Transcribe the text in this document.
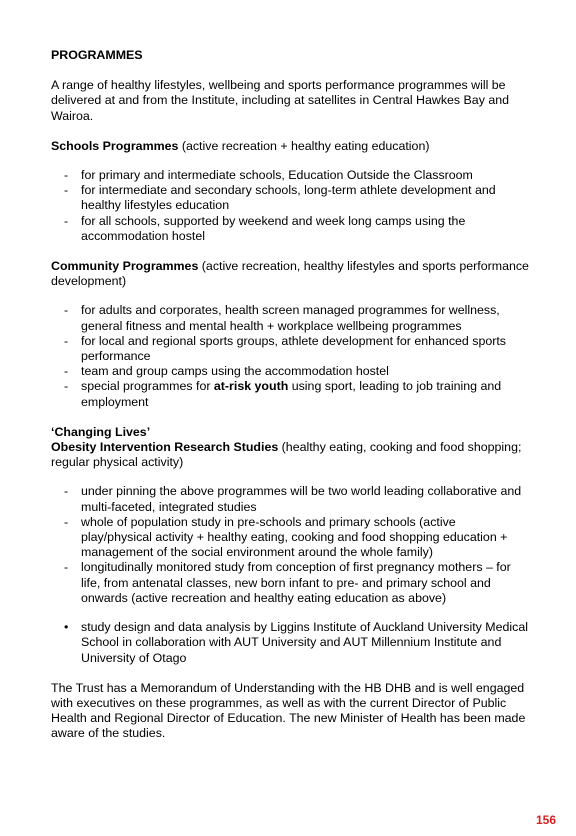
PROGRAMMES

A range of healthy lifestyles, wellbeing and sports performance programmes will be delivered at and from the Institute, including at satellites in Central Hawkes Bay and Wairoa.

Schools Programmes (active recreation + healthy eating education)

-	for primary and intermediate schools, Education Outside the Classroom
-	for intermediate and secondary schools, long-term athlete development and healthy lifestyles education
-	for all schools, supported by weekend and week long camps using the accommodation hostel

Community Programmes (active recreation, healthy lifestyles and sports performance development)

-	for adults and corporates, health screen managed programmes for wellness, general fitness and mental health + workplace wellbeing programmes
-	for local and regional sports groups, athlete development for enhanced sports performance
-	team and group camps using the accommodation hostel
-	special programmes for at-risk youth using sport, leading to job training and employment

‘Changing Lives’

Obesity Intervention Research Studies (healthy eating, cooking and food shopping; regular physical activity)

-	under pinning the above programmes will be two world leading collaborative and multi-faceted, integrated studies
-	whole of population study in pre-schools and primary schools (active play/physical activity + healthy eating, cooking and food shopping education + management of the social environment around the whole family)
-	longitudinally monitored study from conception of first pregnancy mothers – for life, from antenatal classes, new born infant to pre- and primary school and onwards (active recreation and healthy eating education as above)
•	study design and data analysis by Liggins Institute of Auckland University Medical School in collaboration with AUT University and AUT Millennium Institute and University of Otago

The Trust has a Memorandum of Understanding with the HB DHB and is well engaged with executives on these programmes, as well as with the current Director of Public Health and Regional Director of Education. The new Minister of Health has been made aware of the studies.

156
